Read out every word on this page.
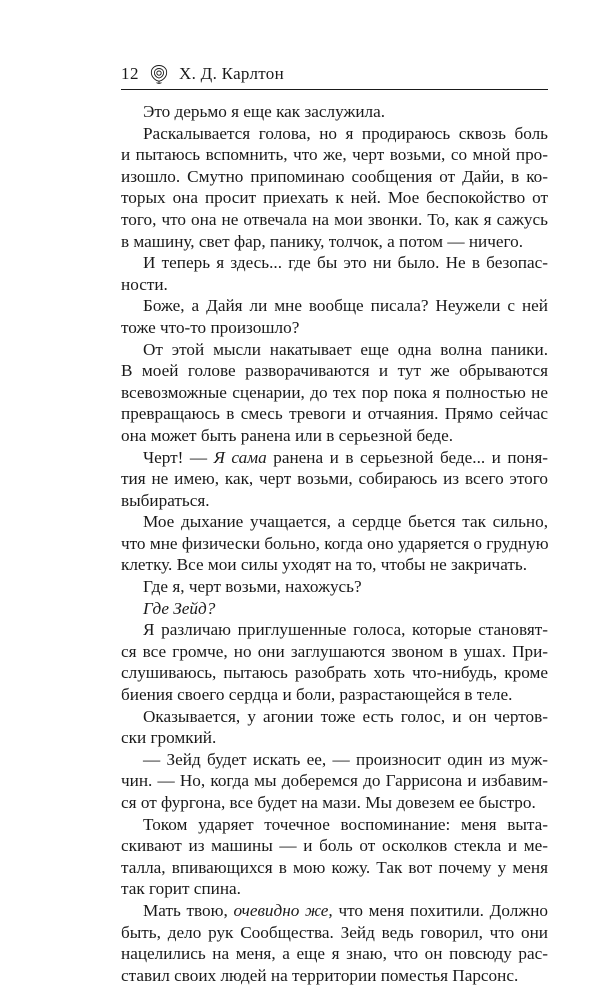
12 Х. Д. Карлтон
Это дерьмо я еще как заслужила.
Раскалывается голова, но я продираюсь сквозь боль
и пытаюсь вспомнить, что же, черт возьми, со мной про-
изошло. Смутно припоминаю сообщения от Дайи, в ко-
торых она просит приехать к ней. Мое беспокойство от
того, что она не отвечала на мои звонки. То, как я сажусь
в машину, свет фар, панику, толчок, а потом — ничего.
И теперь я здесь... где бы это ни было. Не в безопас-
ности.
Боже, а Дайя ли мне вообще писала? Неужели с ней
тоже что-то произошло?
От этой мысли накатывает еще одна волна паники.
В моей голове разворачиваются и тут же обрываются
всевозможные сценарии, до тех пор пока я полностью не
превращаюсь в смесь тревоги и отчаяния. Прямо сейчас
она может быть ранена или в серьезной беде.
Черт! — Я сама ранена и в серьезной беде... и поня-
тия не имею, как, черт возьми, собираюсь из всего этого
выбираться.
Мое дыхание учащается, а сердце бьется так сильно,
что мне физически больно, когда оно ударяется о грудную
клетку. Все мои силы уходят на то, чтобы не закричать.
Где я, черт возьми, нахожусь?
Где Зейд?
Я различаю приглушенные голоса, которые становят-
ся все громче, но они заглушаются звоном в ушах. При-
слушиваюсь, пытаюсь разобрать хоть что-нибудь, кроме
биения своего сердца и боли, разрастающейся в теле.
Оказывается, у агонии тоже есть голос, и он чертов-
ски громкий.
— Зейд будет искать ее, — произносит один из муж-
чин. — Но, когда мы доберемся до Гаррисона и избавим-
ся от фургона, все будет на мази. Мы довезем ее быстро.
Током ударяет точечное воспоминание: меня выта-
скивают из машины — и боль от осколков стекла и ме-
талла, впивающихся в мою кожу. Так вот почему у меня
так горит спина.
Мать твою, очевидно же, что меня похитили. Должно
быть, дело рук Сообщества. Зейд ведь говорил, что они
нацелились на меня, а еще я знаю, что он повсюду рас-
ставил своих людей на территории поместья Парсонс.
